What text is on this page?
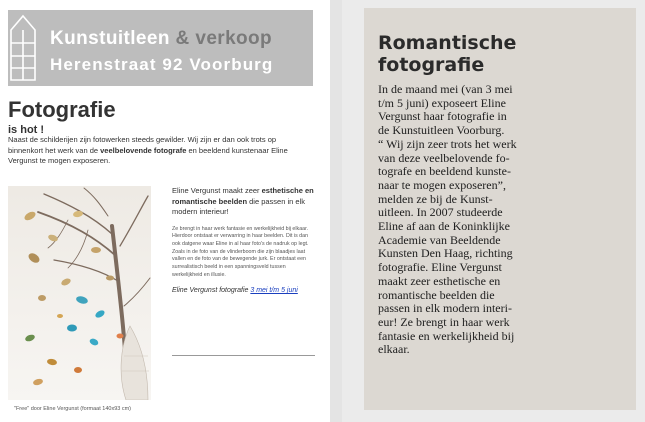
Kunstuitleen & verkoop
Herenstraat 92 Voorburg
Fotografie
is hot !
Naast de schilderijen zijn fotowerken steeds gewilder. Wij zijn er dan ook trots op binnenkort het werk van de veelbelovende fotografe en beeldend kunstenaar Eline Vergunst te mogen exposeren.
"Free" door Eline Vergunst (formaat 140x93 cm)
Eline Vergunst maakt zeer esthetische en romantische beelden die passen in elk modern interieur!
Ze brengt in haar werk fantasie en werkelijkheid bij elkaar. Hierdoor ontstaat er verwarring in haar beelden. Dit is dan ook datgene waar Eline in al haar foto's de nadruk op legt. Zoals in de foto van de vlinderboom die zijn blaadjes laat vallen en de foto van de bewegende jurk. Er ontstaat een surrealistisch beeld in een spanningsveld tussen werkelijkheid en illusie.
Eline Vergunst fotografie 3 mei t/m 5 juni
Romantische fotografie
In de maand mei (van 3 mei
t/m 5 juni) exposeert Eline
Vergunst haar fotografie in
de Kunstuitleen Voorburg.
“ Wij zijn zeer trots het werk
van deze veelbelovende fo-
tografe en beeldend kunste-
naar te mogen exposeren”,
melden ze bij de Kunst-
uitleen. In 2007 studeerde
Eline af aan de Koninklijke
Academie van Beeldende
Kunsten Den Haag, richting
fotografie. Eline Vergunst
maakt zeer esthetische en
romantische beelden die
passen in elk modern interi-
eur! Ze brengt in haar werk
fantasie en werkelijkheid bij
elkaar.
